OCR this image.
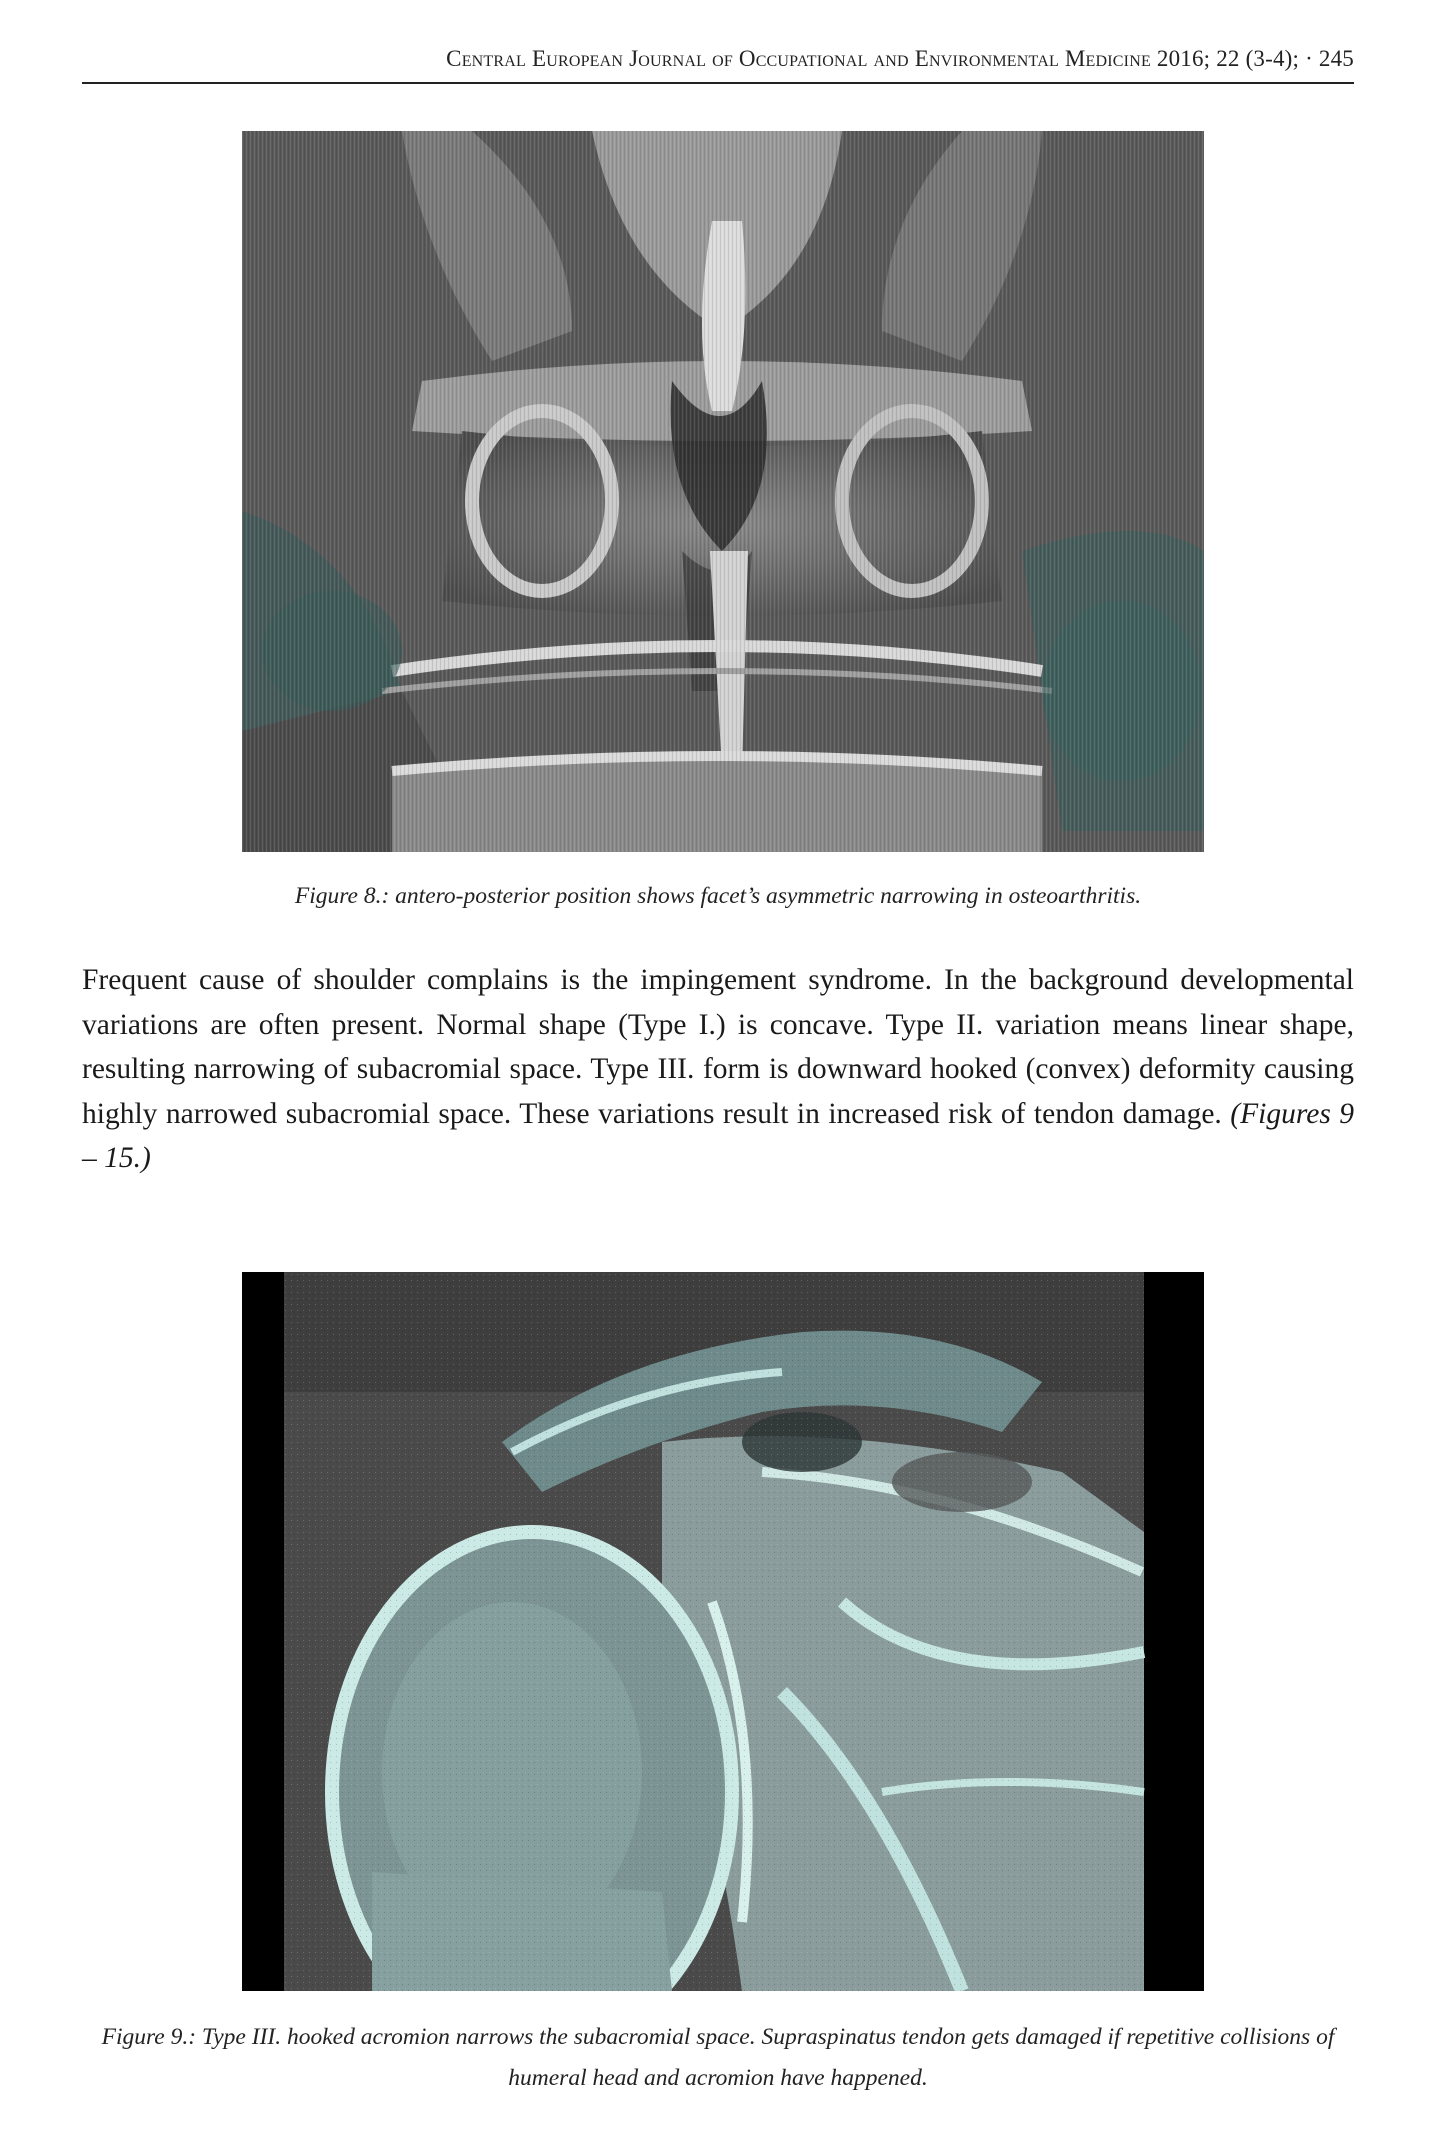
Central European Journal of Occupational and Environmental Medicine 2016; 22 (3-4); · 245
Figure 8.: antero-posterior position shows facet’s asymmetric narrowing in osteoarthritis.
Frequent cause of shoulder complains is the impingement syndrome. In the background developmental variations are often present. Normal shape (Type I.) is concave. Type II. variation means linear shape, resulting narrowing of subacromial space. Type III. form is downward hooked (convex) deformity causing highly narrowed subacromial space. These variations result in increased risk of tendon damage. (Figures 9 – 15.)
Figure 9.: Type III. hooked acromion narrows the subacromial space. Supraspinatus tendon gets damaged if repetitive collisions of humeral head and acromion have happened.
